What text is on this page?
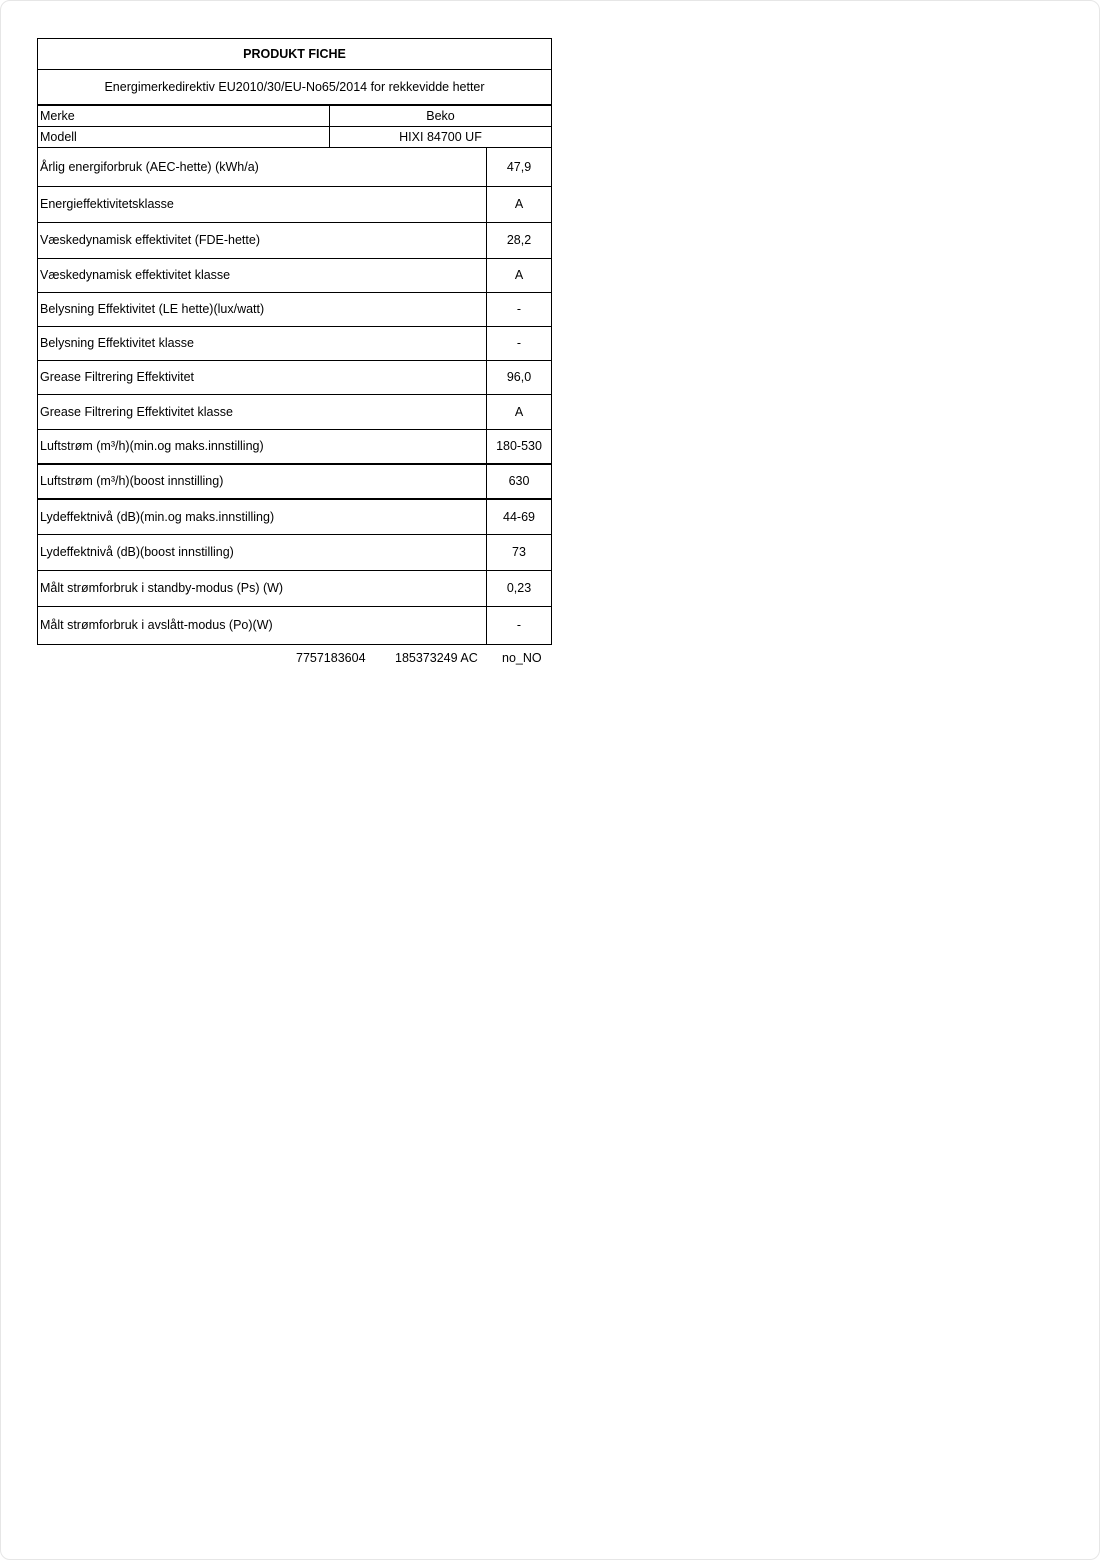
PRODUKT FICHE
Energimerkedirektiv EU2010/30/EU-No65/2014 for rekkevidde hetter
Merke	Beko
Modell	HIXI 84700 UF
Årlig energiforbruk (AEC-hette) (kWh/a)	47,9
Energieffektivitetsklasse	A
Væskedynamisk effektivitet (FDE-hette)	28,2
Væskedynamisk effektivitet klasse	A
Belysning Effektivitet (LE hette)(lux/watt)	-
Belysning Effektivitet klasse	-
Grease Filtrering Effektivitet	96,0
Grease Filtrering Effektivitet klasse	A
Luftstrøm (m³/h)(min.og maks.innstilling)	180-530
Luftstrøm (m³/h)(boost innstilling)	630
Lydeffektnivå (dB)(min.og maks.innstilling)	44-69
Lydeffektnivå (dB)(boost innstilling)	73
Målt strømforbruk i standby-modus (Ps) (W)	0,23
Målt strømforbruk i avslått-modus (Po)(W)	-
7757183604 185373249 AC no_NO
